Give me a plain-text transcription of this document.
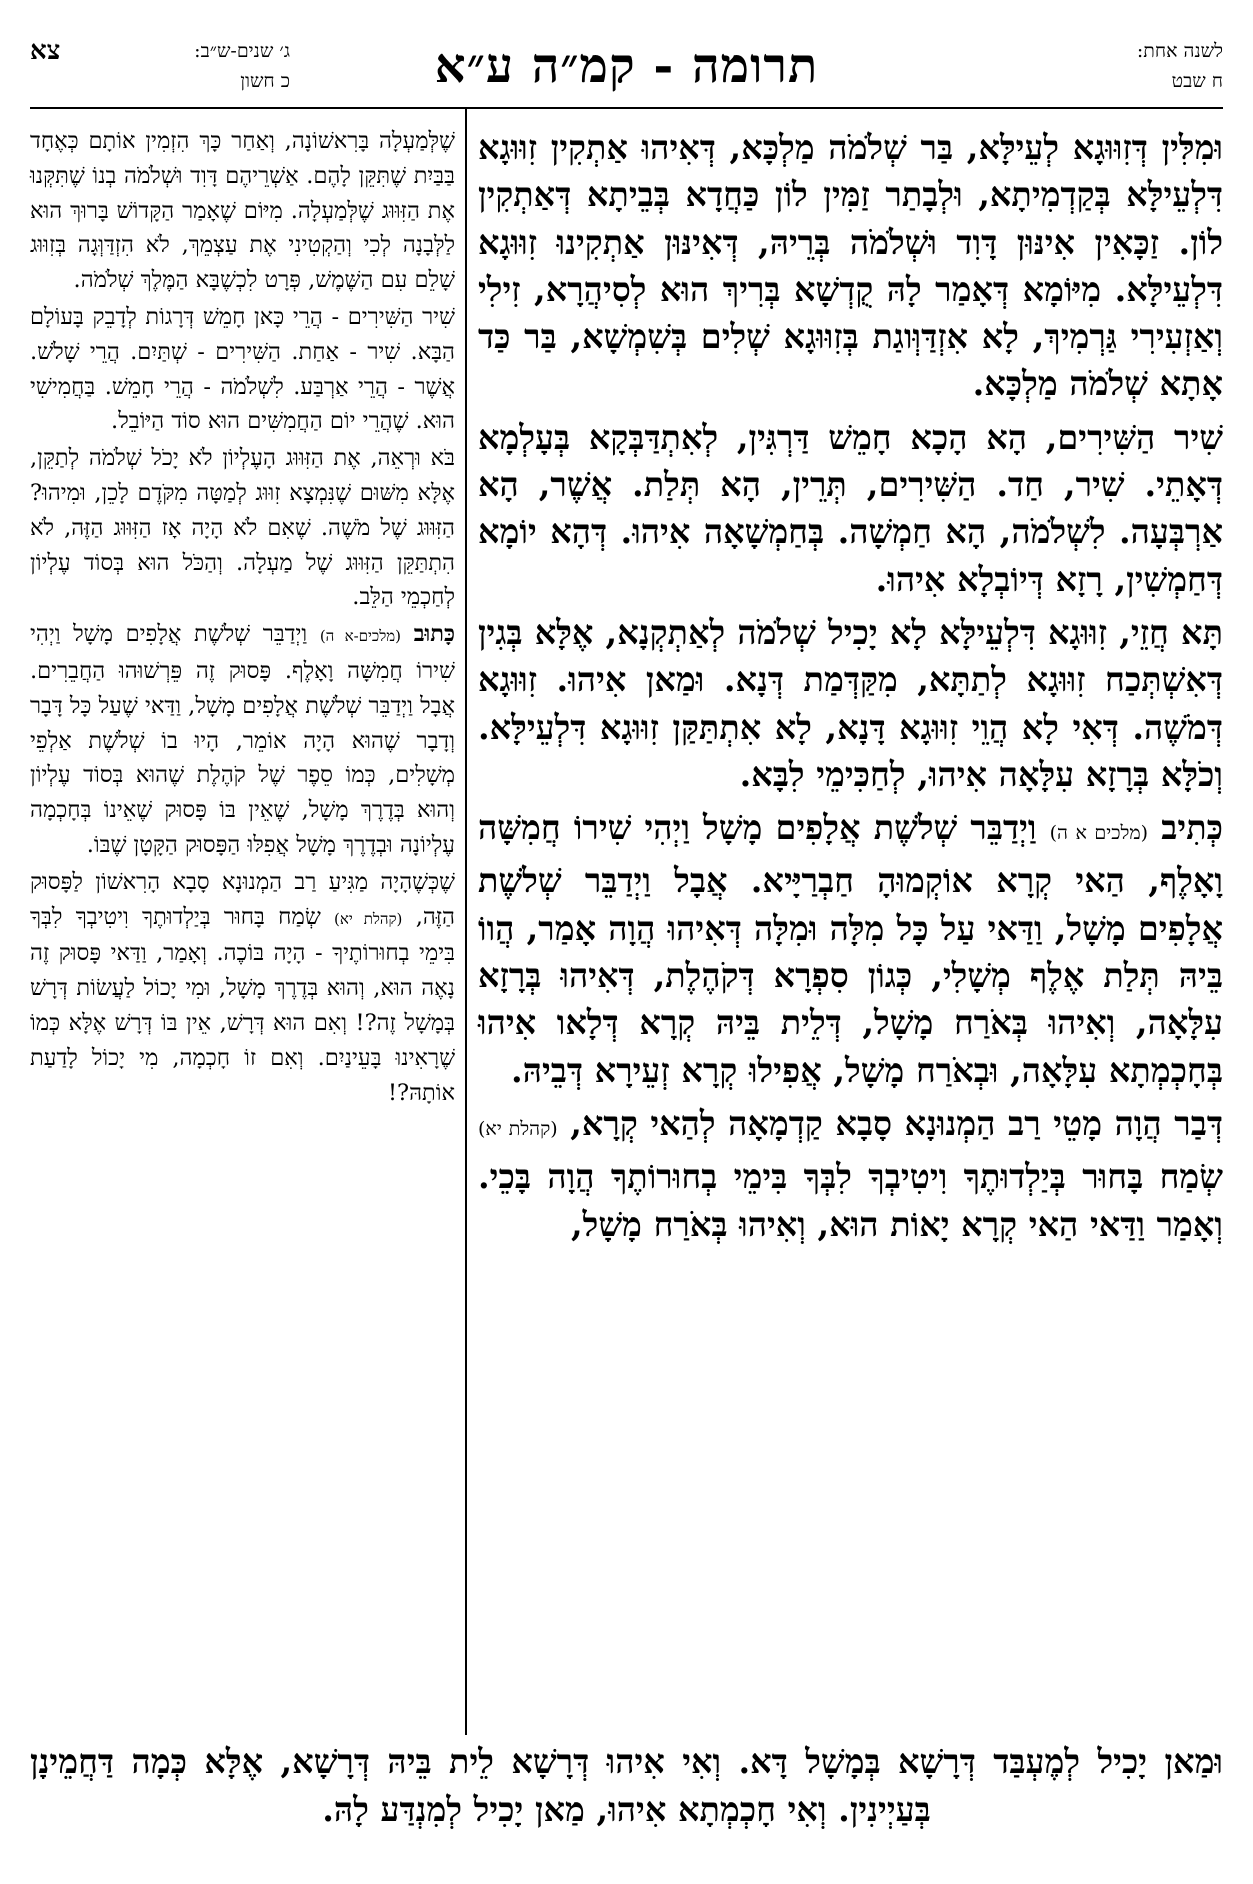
לשנה אחת:
ח שבט
תרומה - קמ״ה ע״א
צא	ג׳ שנים-ש״ב:
כ חשון

וּמִלִּין דְּזִוּוּגָא לְעֵילָּא, בַּר שְׁלֹמֹה מַלְכָּא, דְּאִיהוּ אַתְקִין זִוּוּגָא דִּלְעֵילָּא בְּקַדְמִיתָא, וּלְבָתַר זַמִּין לוֹן כַּחֲדָא בְּבֵיתָא דְּאַתְקִין לוֹן. זַכָּאִין אִינּוּן דָּוִד וּשְׁלֹמֹה בְּרֵיהּ, דְּאִינּוּן אַתְקִינוּ זִוּוּגָא דִּלְעֵילָּא. מִיּוֹמָא דְּאָמַר לָהּ קֻדְשָׁא בְּרִיךְ הוּא לְסִיהֲרָא, זִילִי וְאַזְעִירִי גַּרְמִיךְ, לָא אִזְדַּוְּוגַת בְּזִוּוּגָא שְׁלִים בְּשִׁמְשָׁא, בַּר כַּד אָתָא שְׁלֹמֹה מַלְכָּא.

שִׁיר הַשִּׁירִים, הָא הָכָא חָמֵשׁ דַּרְגִּין, לְאִתְדַּבְּקָא בְּעָלְמָא דְּאָתֵי. שִׁיר, חַד. הַשִּׁירִים, תְּרֵין, הָא תְּלַת. אֲשֶׁר, הָא אַרְבְּעָה. לִשְׁלֹמֹה, הָא חַמְשָׁה. בְּחַמְשָׁאָה אִיהוּ. דְּהָא יוֹמָא דְּחַמְשִׁין, רָזָא דְּיוֹבְלָא אִיהוּ.

תָּא חֲזֵי, זִוּוּגָא דִּלְעֵילָּא לָא יָכִיל שְׁלֹמֹה לְאַתְקְנָא, אֶלָּא בְּגִין דְּאִשְׁתְּכַח זִוּוּגָא לְתַתָּא, מִקַּדְּמַת דְּנָא. וּמַאן אִיהוּ. זִוּוּגָא דְּמֹשֶׁה. דְּאִי לָא הֲוֵי זִוּוּגָא דָּנָא, לָא אִתְתַּקַּן זִוּוּגָא דִּלְעֵילָּא. וְכֹלָּא בְּרָזָא עִלָּאָה אִיהוּ, לְחַכִּימֵי לִבָּא.

כְּתִיב (מלכים א ה) וַיְדַבֵּר שְׁלֹשֶׁת אֲלָפִים מָשָׁל וַיְהִי שִׁירוֹ חֲמִשָּׁה וָאָלֶף, הַאי קְרָא אוֹקְמוּהָ חַבְרַיָּיא. אֲבָל וַיְדַבֵּר שְׁלֹשֶׁת אֲלָפִים מָשָׁל, וַדַּאי עַל כָּל מִלָּה וּמִלָּה דְּאִיהוּ הֲוָה אָמַר, הֲווֹ בֵּיהּ תְּלַת אֶלֶף מְשָׁלִי, כְּגוֹן סִפְרָא דְּקֹהֶלֶת, דְּאִיהוּ בְּרָזָא עִלָּאָה, וְאִיהוּ בְּאֹרַח מָשָׁל, דְּלֵית בֵּיהּ קְרָא דְּלָאו אִיהוּ בְּחָכְמְתָא עִלָּאָה, וּבְאֹרַח מָשָׁל, אֲפִילוּ קְרָא זְעֵירָא דְּבֵיהּ.

דְּבַר הֲוָה מָטֵי רַב הַמְנוּנָא סָבָא קַדְמָאָה לְהַאי קְרָא, (קהלת יא) שְׂמַח בָּחוּר בְּיַלְדוּתֶךָ וִיטִיבְךָ לִבְּךָ בִּימֵי בְחוּרוֹתֶךָ הֲוָה בָּכֵי. וְאָמַר וַדַּאי הַאי קְרָא יָאוֹת הוּא, וְאִיהוּ בְּאֹרַח מָשָׁל,

שֶׁלְּמַעְלָה בָּרִאשׁוֹנָה, וְאַחַר כָּךְ הִזְמִין אוֹתָם כְּאֶחָד בַּבַּיִת שֶׁתִּקֵּן לָהֶם. אַשְׁרֵיהֶם דָּוִד וּשְׁלֹמֹה בְנוֹ שֶׁתִּקְּנוּ אֶת הַזִּוּוּג שֶׁלְּמַעְלָה. מִיּוֹם שֶׁאָמַר הַקָּדוֹשׁ בָּרוּךְ הוּא לַלְּבָנָה לְכִי וְהַקְטִינִי אֶת עַצְמֵךְ, לֹא הִזְדַּוְּגָה בְּזִוּוּג שָׁלֵם עִם הַשֶּׁמֶשׁ, פְּרָט לִכְשֶׁבָּא הַמֶּלֶךְ שְׁלֹמֹה.

שִׁיר הַשִּׁירִים - הֲרֵי כָּאן חָמֵשׁ דְּרָגוֹת לְדָבֵק בָּעוֹלָם הַבָּא. שִׁיר - אַחַת. הַשִּׁירִים - שְׁתַּיִם. הֲרֵי שָׁלֹשׁ. אֲשֶׁר - הֲרֵי אַרְבַּע. לִשְׁלֹמֹה - הֲרֵי חָמֵשׁ. בַּחֲמִישִׁי הוּא. שֶׁהֲרֵי יוֹם הַחֲמִשִּׁים הוּא סוֹד הַיּוֹבֵל.

בֹּא וּרְאֵה, אֶת הַזִּוּוּג הָעֶלְיוֹן לֹא יָכֹל שְׁלֹמֹה לְתַקֵּן, אֶלָּא מִשּׁוּם שֶׁנִּמְצָא זִוּוּג לְמַטָּה מִקֹּדֶם לָכֵן, וּמִיהוּ? הַזִּוּוּג שֶׁל מֹשֶׁה. שֶׁאִם לֹא הָיָה אָז הַזִּוּוּג הַזֶּה, לֹא הִתְתַּקֵּן הַזִּוּוּג שֶׁל מַעְלָה. וְהַכֹּל הוּא בְּסוֹד עֶלְיוֹן לְחַכְמֵי הַלֵּב.

כָּתוּב (מלכים-א ה) וַיְדַבֵּר שְׁלֹשֶׁת אֲלָפִים מָשָׁל וַיְהִי שִׁירוֹ חֲמִשָּׁה וָאָלֶף. פָּסוּק זֶה פֵּרְשׁוּהוּ הַחֲבֵרִים. אֲבָל וַיְדַבֵּר שְׁלֹשֶׁת אֲלָפִים מָשָׁל, וַדַּאי שֶׁעַל כָּל דָּבָר וְדָבָר שֶׁהוּא הָיָה אוֹמֵר, הָיוּ בוֹ שְׁלֹשֶׁת אַלְפֵי מְשָׁלִים, כְּמוֹ סֵפֶר שֶׁל קֹהֶלֶת שֶׁהוּא בְּסוֹד עֶלְיוֹן וְהוּא בְּדֶרֶךְ מָשָׁל, שֶׁאֵין בּוֹ פָּסוּק שֶׁאֵינוֹ בְּחָכְמָה עֶלְיוֹנָה וּבְדֶרֶךְ מָשָׁל אֲפִלּוּ הַפָּסוּק הַקָּטָן שֶׁבּוֹ.

שֶׁכְּשֶׁהָיָה מַגִּיעַ רַב הַמְנוּנָא סָבָא הָרִאשׁוֹן לַפָּסוּק הַזֶּה, (קהלת יא) שְׂמַח בָּחוּר בְּיַלְדוּתֶךָ וִיטִיבְךָ לִבְּךָ בִּימֵי בְחוּרוֹתֶיךָ - הָיָה בּוֹכֶה. וְאָמַר, וַדַּאי פָּסוּק זֶה נָאֶה הוּא, וְהוּא בְּדֶרֶךְ מָשָׁל, וּמִי יָכוֹל לַעֲשׂוֹת דְּרָשׁ בְּמָשָׁל זֶה?! וְאִם הוּא דְּרָשׁ, אֵין בּוֹ דְּרָשׁ אֶלָּא כְּמוֹ שֶׁרָאִינוּ בָּעֵינַיִם. וְאִם זוֹ חָכְמָה, מִי יָכוֹל לָדַעַת אוֹתָהּ?!

וּמַאן יָכִיל לְמֶעְבַּד דְּרָשָׁא בְּמָשָׁל דָּא. וְאִי אִיהוּ דְּרָשָׁא לֵית בֵּיהּ דְּרָשָׁא, אֶלָּא כְּמָה דַּחֲמֵינָן בְּעַיְינִין. וְאִי חָכְמְתָא אִיהוּ, מַאן יָכִיל לְמִנְדַּע לָהּ.
